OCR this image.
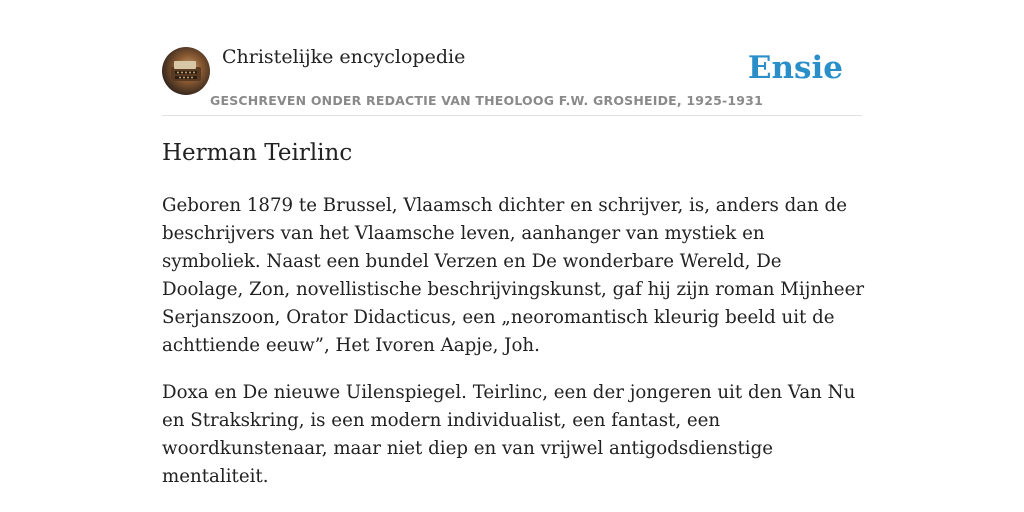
Christelijke encyclopedie
GESCHREVEN ONDER REDACTIE VAN THEOLOOG F.W. GROSHEIDE, 1925-1931
Ensie
Herman Teirlinc

Geboren 1879 te Brussel, Vlaamsch dichter en schrijver, is, anders dan de beschrijvers van het Vlaamsche leven, aanhanger van mystiek en symboliek. Naast een bundel Verzen en De wonderbare Wereld, De Doolage, Zon, novellistische beschrijvingskunst, gaf hij zijn roman Mijnheer Serjanszoon, Orator Didacticus, een „neoromantisch kleurig beeld uit de achttiende eeuw”, Het Ivoren Aapje, Joh.

Doxa en De nieuwe Uilenspiegel. Teirlinc, een der jongeren uit den Van Nu en Strakskring, is een modern individualist, een fantast, een woordkunstenaar, maar niet diep en van vrijwel antigodsdienstige mentaliteit.
